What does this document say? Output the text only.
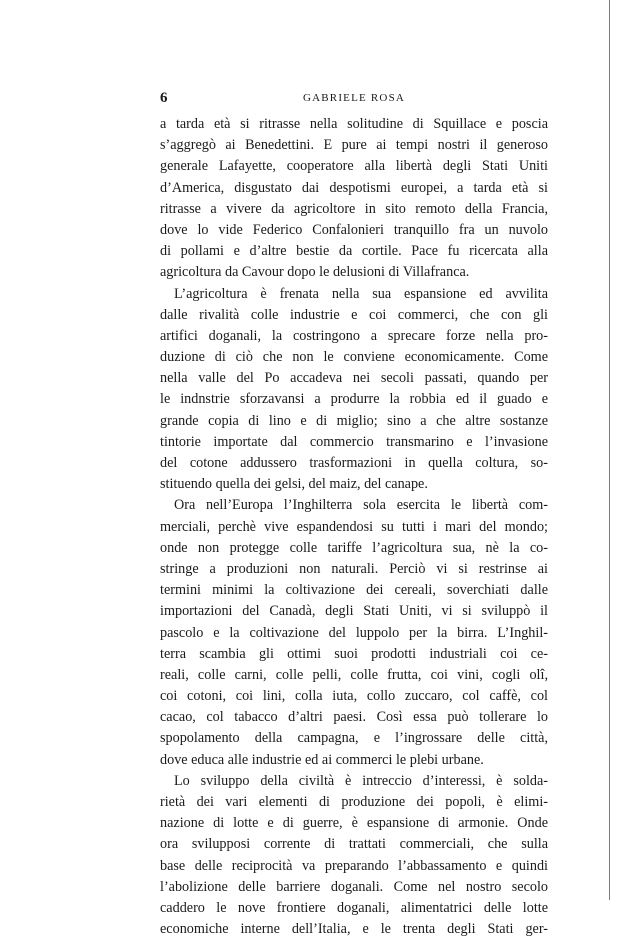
6	GABRIELE ROSA
a tarda età si ritrasse nella solitudine di Squillace e poscia
s’aggregò ai Benedettini. E pure ai tempi nostri il generoso
generale Lafayette, cooperatore alla libertà degli Stati Uniti
d’America, disgustato dai despotismi europei, a tarda età si
ritrasse a vivere da agricoltore in sito remoto della Francia,
dove lo vide Federico Confalonieri tranquillo fra un nuvolo
di pollami e d’altre bestie da cortile. Pace fu ricercata alla
agricoltura da Cavour dopo le delusioni di Villafranca.
L’agricoltura è frenata nella sua espansione ed avvilita
dalle rivalità colle industrie e coi commerci, che con gli
artifici doganali, la costringono a sprecare forze nella pro-
duzione di ciò che non le conviene economicamente. Come
nella valle del Po accadeva nei secoli passati, quando per
le indnstrie sforzavansi a produrre la robbia ed il guado e
grande copia di lino e di miglio; sino a che altre sostanze
tintorie importate dal commercio transmarino e l’invasione
del cotone addussero trasformazioni in quella coltura, so-
stituendo quella dei gelsi, del maiz, del canape.
Ora nell’Europa l’Inghilterra sola esercita le libertà com-
merciali, perchè vive espandendosi su tutti i mari del mondo;
onde non protegge colle tariffe l’agricoltura sua, nè la co-
stringe a produzioni non naturali. Perciò vi si restrinse ai
termini minimi la coltivazione dei cereali, soverchiati dalle
importazioni del Canadà, degli Stati Uniti, vi si sviluppò il
pascolo e la coltivazione del luppolo per la birra. L’Inghil-
terra scambia gli ottimi suoi prodotti industriali coi ce-
reali, colle carni, colle pelli, colle frutta, coi vini, cogli olî,
coi cotoni, coi lini, colla iuta, collo zuccaro, col caffè, col
cacao, col tabacco d’altri paesi. Così essa può tollerare lo
spopolamento della campagna, e l’ingrossare delle città,
dove educa alle industrie ed ai commerci le plebi urbane.
Lo sviluppo della civiltà è intreccio d’interessi, è solda-
rietà dei vari elementi di produzione dei popoli, è elimi-
nazione di lotte e di guerre, è espansione di armonie. Onde
ora svilupposi corrente di trattati commerciali, che sulla
base delle reciprocità va preparando l’abbassamento e quindi
l’abolizione delle barriere doganali. Come nel nostro secolo
caddero le nove frontiere doganali, alimentatrici delle lotte
economiche interne dell’Italia, e le trenta degli Stati ger-
